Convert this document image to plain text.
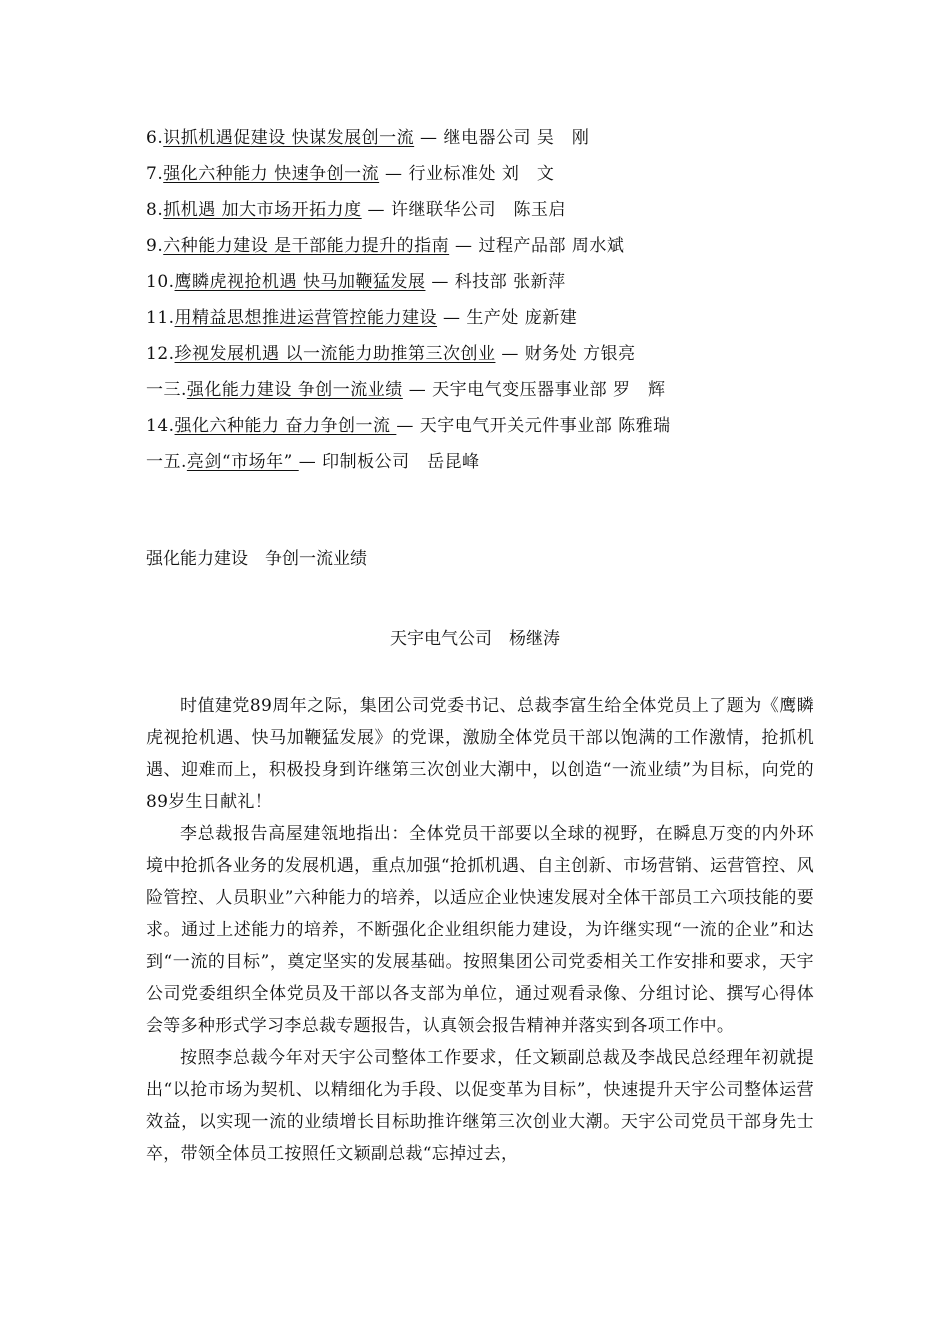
6.识抓机遇促建设 快谋发展创一流 — 继电器公司 吴　刚
7.强化六种能力 快速争创一流 — 行业标准处 刘　文
8.抓机遇 加大市场开拓力度 — 许继联华公司　陈玉启
9.六种能力建设 是干部能力提升的指南 — 过程产品部 周水斌
10.鹰瞵虎视抢机遇 快马加鞭猛发展 — 科技部 张新萍
11.用精益思想推进运营管控能力建设 — 生产处 庞新建
12.珍视发展机遇 以一流能力助推第三次创业 — 财务处 方银亮
一三.强化能力建设 争创一流业绩 — 天宇电气变压器事业部 罗　辉
14.强化六种能力 奋力争创一流 — 天宇电气开关元件事业部 陈雅瑞
一五.亮剑“市场年” — 印制板公司　岳昆峰
强化能力建设　争创一流业绩
天宇电气公司　杨继涛

时值建党89周年之际，集团公司党委书记、总裁李富生给全体党员上了题为《鹰瞵虎视抢机遇、快马加鞭猛发展》的党课，激励全体党员干部以饱满的工作激情，抢抓机遇、迎难而上，积极投身到许继第三次创业大潮中，以创造“一流业绩”为目标，向党的89岁生日献礼！

李总裁报告高屋建瓴地指出：全体党员干部要以全球的视野，在瞬息万变的内外环境中抢抓各业务的发展机遇，重点加强“抢抓机遇、自主创新、市场营销、运营管控、风险管控、人员职业”六种能力的培养，以适应企业快速发展对全体干部员工六项技能的要求。通过上述能力的培养，不断强化企业组织能力建设，为许继实现“一流的企业”和达到“一流的目标”，奠定坚实的发展基础。按照集团公司党委相关工作安排和要求，天宇公司党委组织全体党员及干部以各支部为单位，通过观看录像、分组讨论、撰写心得体会等多种形式学习李总裁专题报告，认真领会报告精神并落实到各项工作中。

按照李总裁今年对天宇公司整体工作要求，任文颖副总裁及李战民总经理年初就提出“以抢市场为契机、以精细化为手段、以促变革为目标”，快速提升天宇公司整体运营效益，以实现一流的业绩增长目标助推许继第三次创业大潮。天宇公司党员干部身先士卒，带领全体员工按照任文颖副总裁“忘掉过去，
